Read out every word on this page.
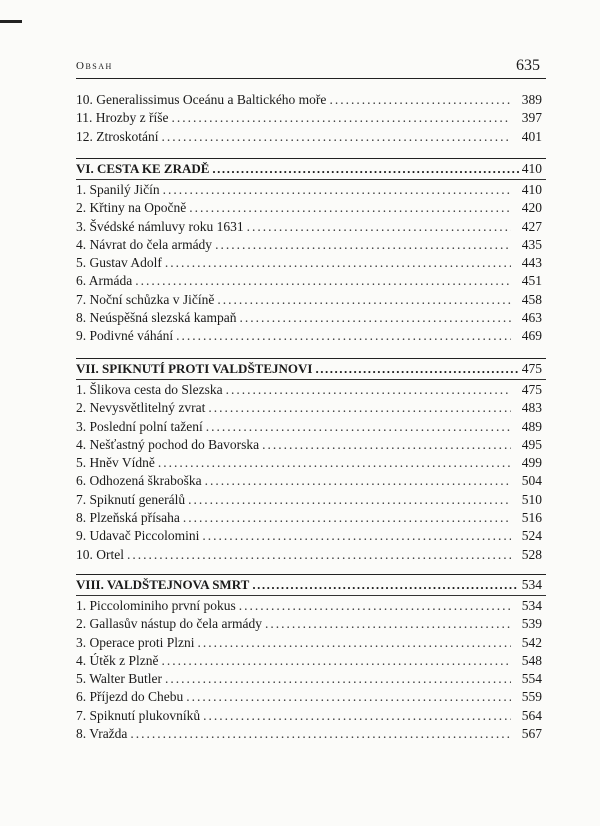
Obsah	635
10. Generalissimus Oceánu a Baltického moře .....	389
11. Hrozby z říše .....	397
12. Ztroskotání .....	401
VI. CESTA KE ZRADĚ .....	410
1. Spanilý Jičín .....	410
2. Křtiny na Opočně .....	420
3. Švédské námluvy roku 1631 .....	427
4. Návrat do čela armády .....	435
5. Gustav Adolf .....	443
6. Armáda .....	451
7. Noční schůzka v Jičíně .....	458
8. Neúspěšná slezská kampaň .....	463
9. Podivné váhání .....	469
VII. SPIKNUTÍ PROTI VALDŠTEJNOVI .....	475
1. Šlikova cesta do Slezska .....	475
2. Nevysvětlitelný zvrat .....	483
3. Poslední polní tažení .....	489
4. Nešťastný pochod do Bavorska .....	495
5. Hněv Vídně .....	499
6. Odhozená škraboška .....	504
7. Spiknutí generálů .....	510
8. Plzeňská přísaha .....	516
9. Udavač Piccolomini .....	524
10. Ortel .....	528
VIII. VALDŠTEJNOVA SMRT .....	534
1. Piccolominiho první pokus .....	534
2. Gallasův nástup do čela armády .....	539
3. Operace proti Plzni .....	542
4. Útěk z Plzně .....	548
5. Walter Butler .....	554
6. Příjezd do Chebu .....	559
7. Spiknutí plukovníků .....	564
8. Vražda .....	567
